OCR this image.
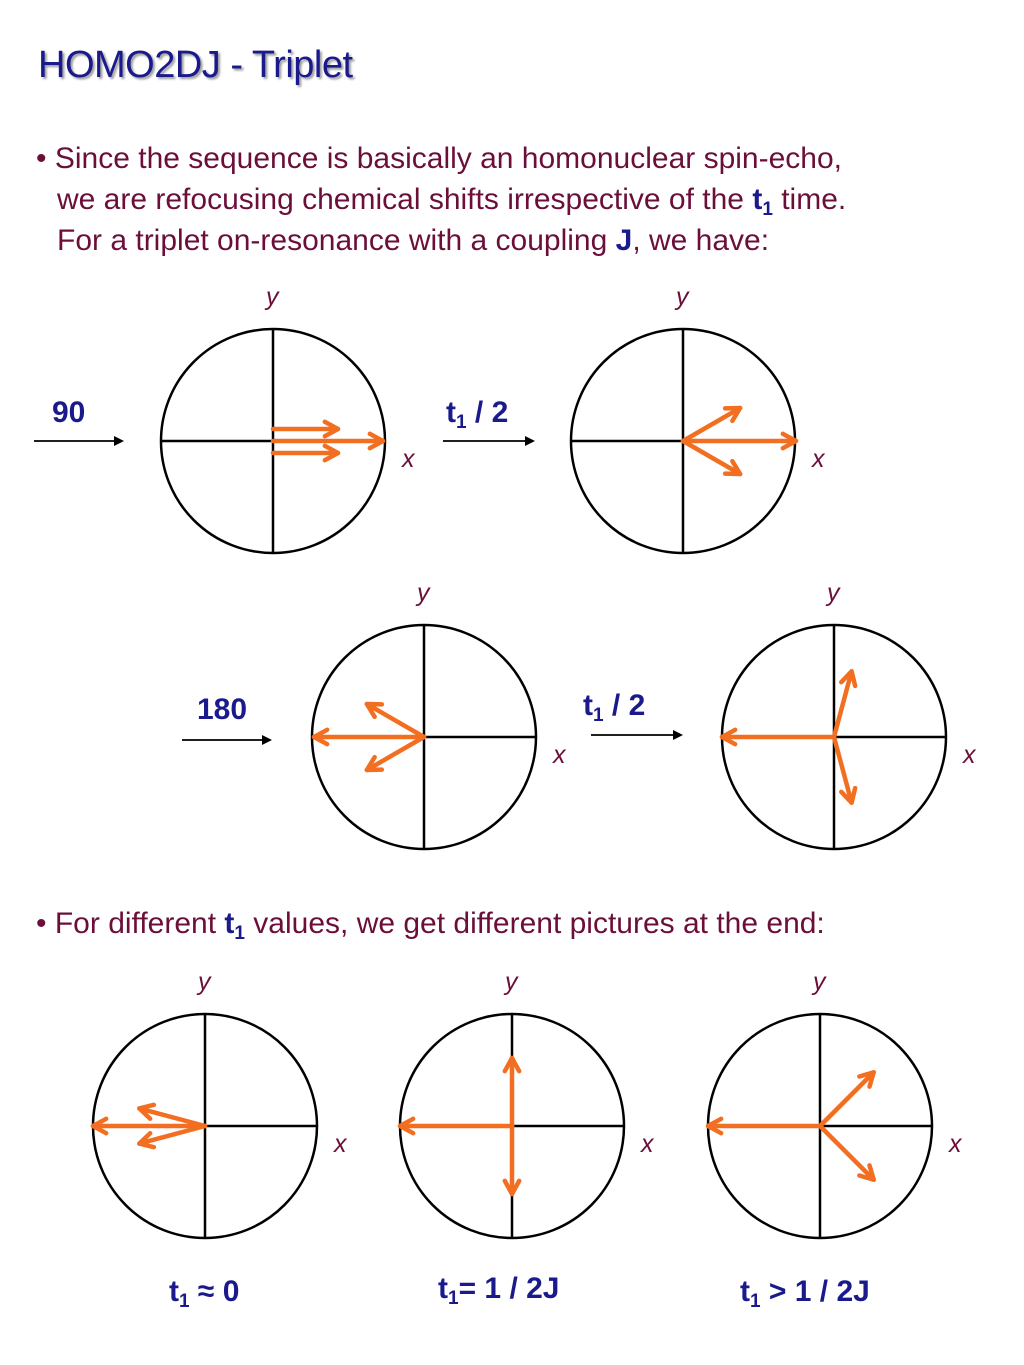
HOMO2DJ - Triplet
• Since the sequence is basically an homonuclear spin-echo,
we are refocusing chemical shifts irrespective of the $t_1$ time.
For a triplet on-resonance with a coupling J, we have:
• For different $t_1$ values, we get different pictures at the end:
90	$t_1 / 2$
180	$t_1 / 2$
$t_1 \approx 0$	$t_1= 1 / 2J$	$t_1 > 1 / 2J$
y
x
y
x
y
x
y
x
y
x
y
x
y
x
